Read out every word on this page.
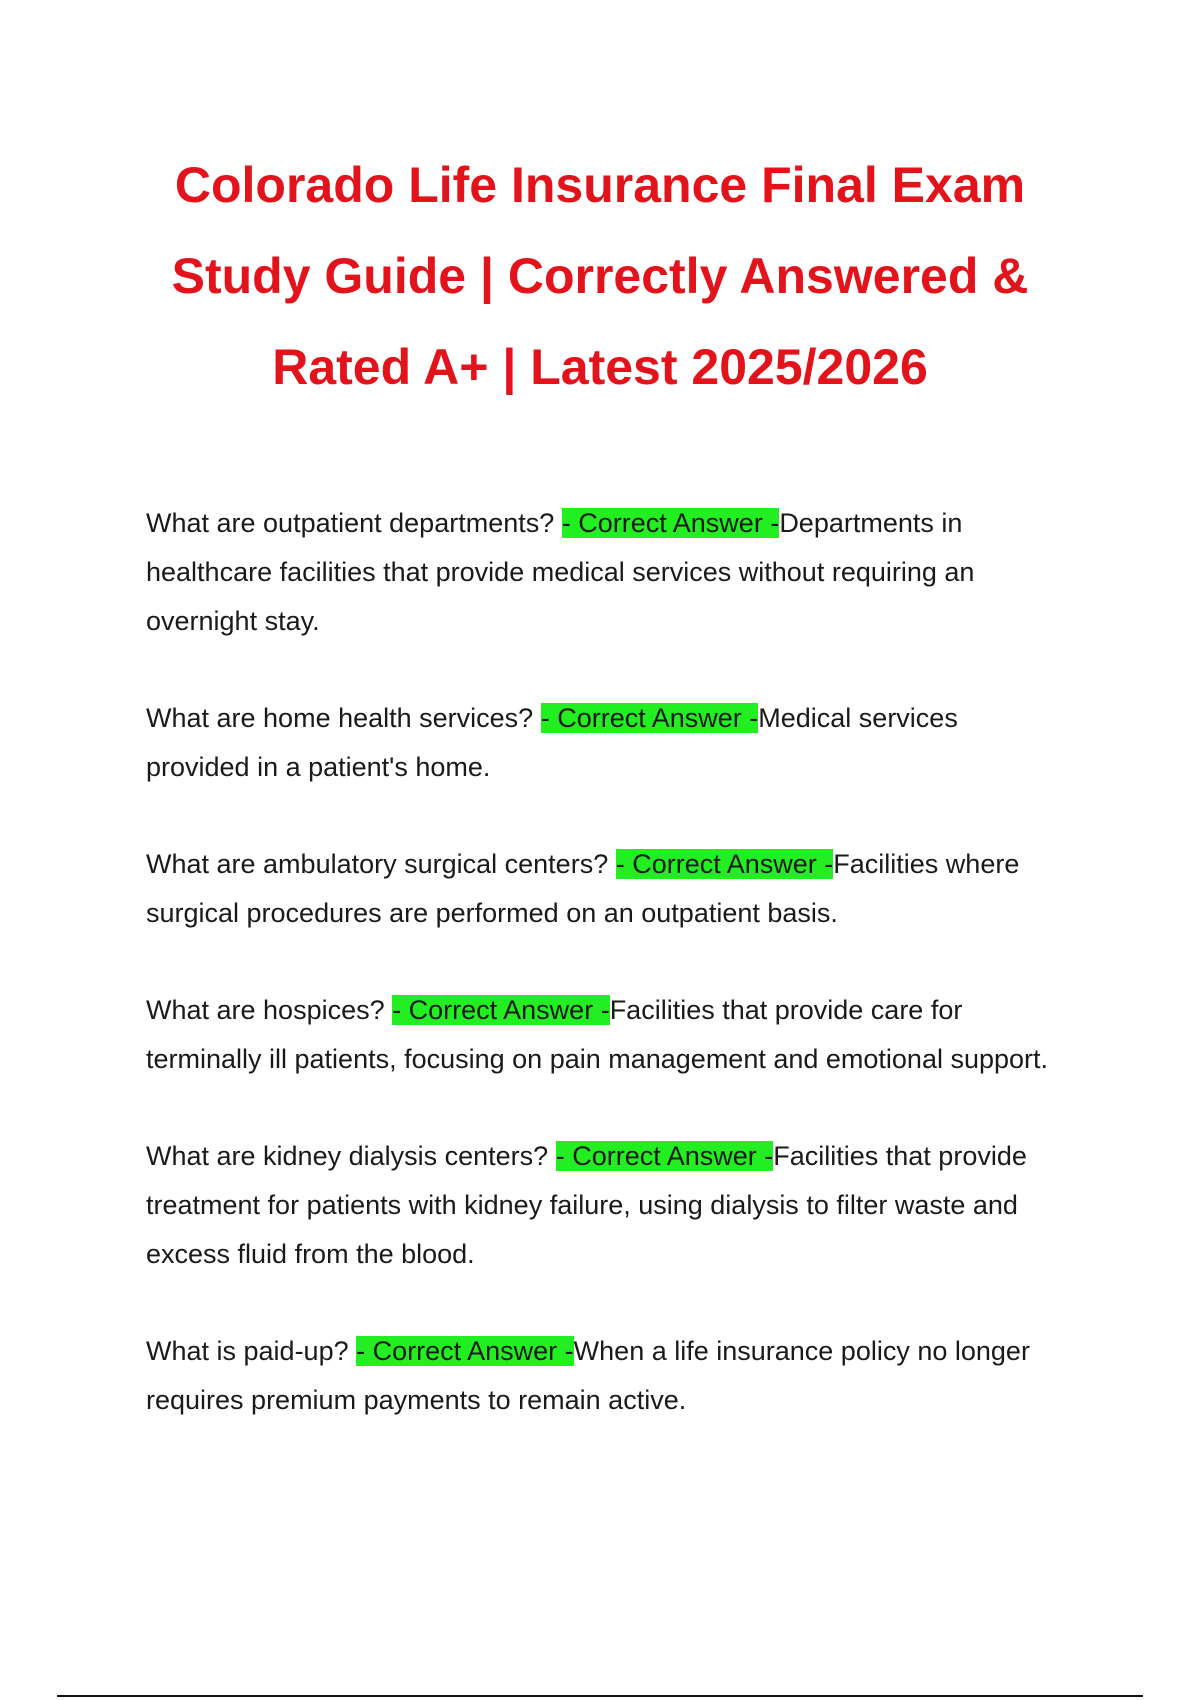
Colorado Life Insurance Final Exam Study Guide | Correctly Answered & Rated A+ | Latest 2025/2026

What are outpatient departments? - Correct Answer -Departments in healthcare facilities that provide medical services without requiring an overnight stay.

What are home health services? - Correct Answer -Medical services provided in a patient's home.

What are ambulatory surgical centers? - Correct Answer -Facilities where surgical procedures are performed on an outpatient basis.

What are hospices? - Correct Answer -Facilities that provide care for terminally ill patients, focusing on pain management and emotional support.

What are kidney dialysis centers? - Correct Answer -Facilities that provide treatment for patients with kidney failure, using dialysis to filter waste and excess fluid from the blood.

What is paid-up? - Correct Answer -When a life insurance policy no longer requires premium payments to remain active.
